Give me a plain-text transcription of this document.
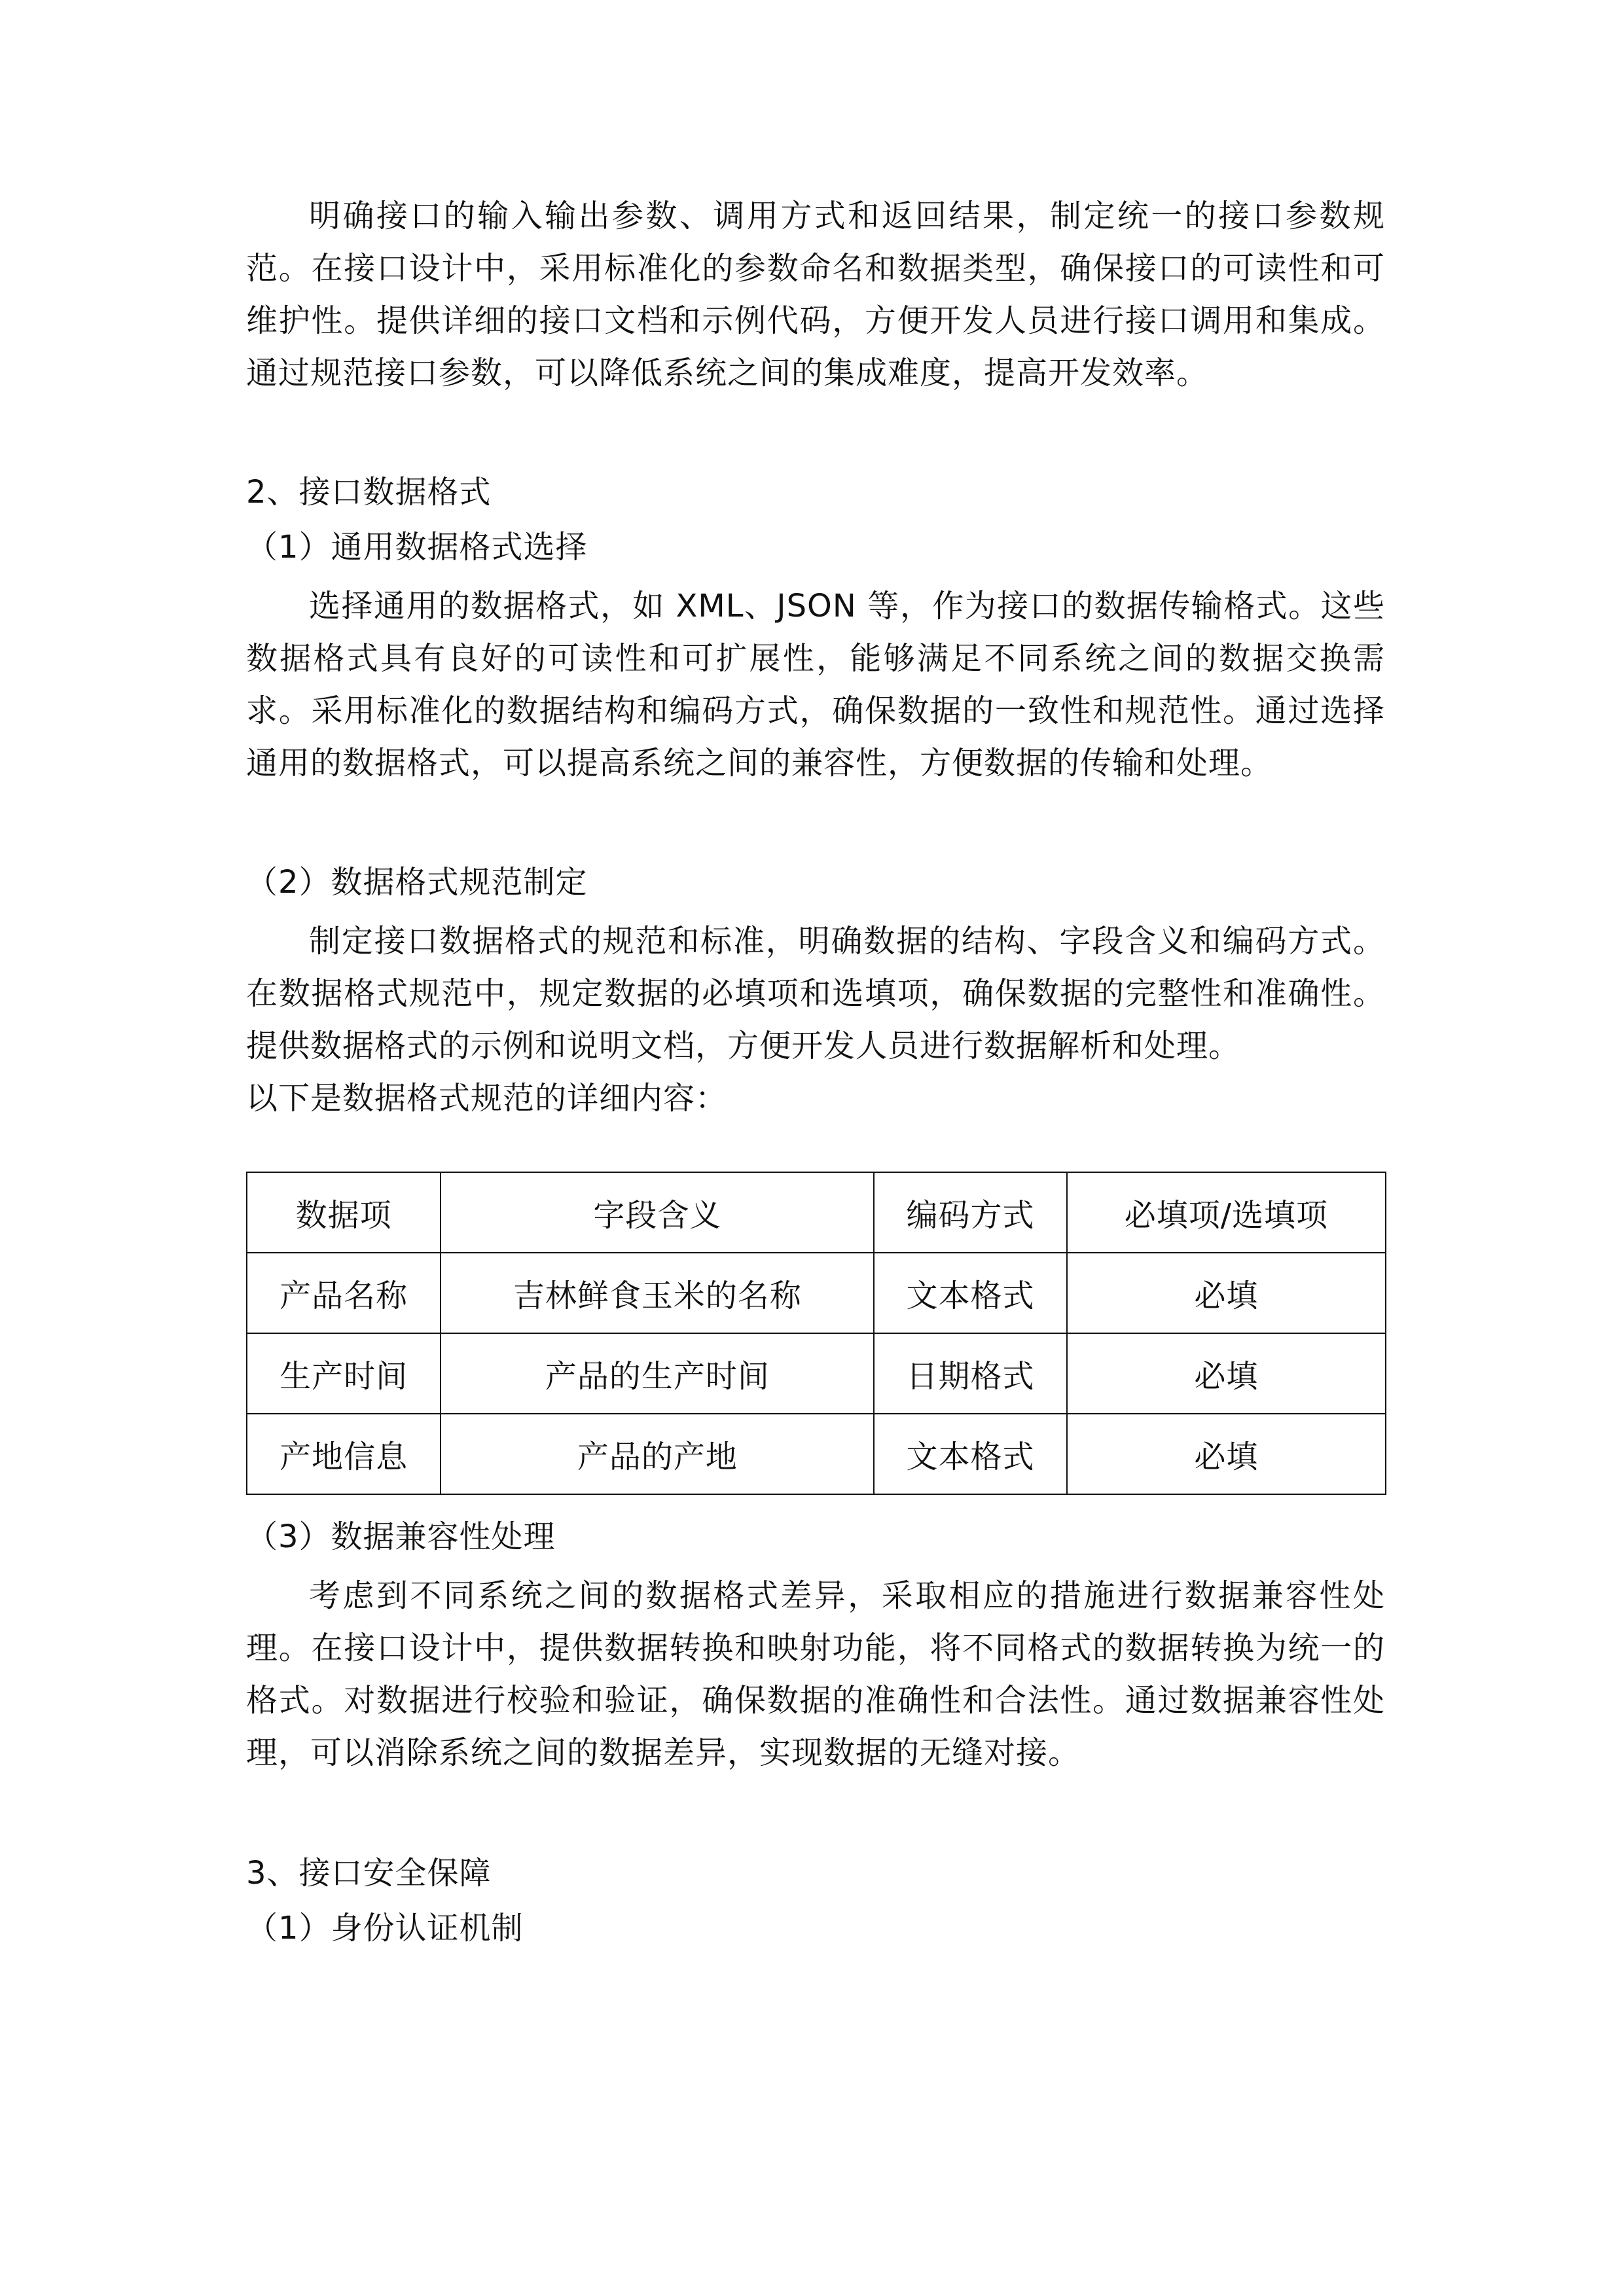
明确接口的输入输出参数、调用方式和返回结果，制定统一的接口参数规范。在接口设计中，采用标准化的参数命名和数据类型，确保接口的可读性和可维护性。提供详细的接口文档和示例代码，方便开发人员进行接口调用和集成。通过规范接口参数，可以降低系统之间的集成难度，提高开发效率。

2、接口数据格式

（1）通用数据格式选择

选择通用的数据格式，如 XML、JSON 等，作为接口的数据传输格式。这些数据格式具有良好的可读性和可扩展性，能够满足不同系统之间的数据交换需求。采用标准化的数据结构和编码方式，确保数据的一致性和规范性。通过选择通用的数据格式，可以提高系统之间的兼容性，方便数据的传输和处理。

（2）数据格式规范制定

制定接口数据格式的规范和标准，明确数据的结构、字段含义和编码方式。在数据格式规范中，规定数据的必填项和选填项，确保数据的完整性和准确性。提供数据格式的示例和说明文档，方便开发人员进行数据解析和处理。

以下是数据格式规范的详细内容：

数据项	字段含义	编码方式	必填项/选填项
产品名称	吉林鲜食玉米的名称	文本格式	必填
生产时间	产品的生产时间	日期格式	必填
产地信息	产品的产地	文本格式	必填

（3）数据兼容性处理

考虑到不同系统之间的数据格式差异，采取相应的措施进行数据兼容性处理。在接口设计中，提供数据转换和映射功能，将不同格式的数据转换为统一的格式。对数据进行校验和验证，确保数据的准确性和合法性。通过数据兼容性处理，可以消除系统之间的数据差异，实现数据的无缝对接。

3、接口安全保障

（1）身份认证机制
